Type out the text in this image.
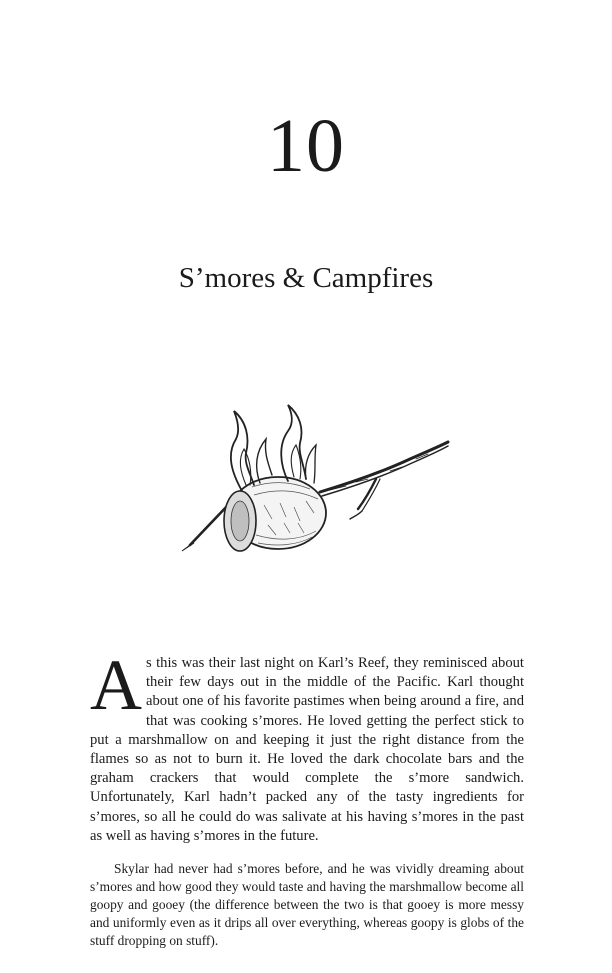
10
S’mores & Campfires

As this was their last night on Karl’s Reef, they reminisced about their few days out in the middle of the Pacific. Karl thought about one of his favorite pastimes when being around a fire, and that was cooking s’mores. He loved getting the perfect stick to put a marshmallow on and keeping it just the right distance from the flames so as not to burn it. He loved the dark chocolate bars and the graham crackers that would complete the s’more sandwich. Unfortunately, Karl hadn’t packed any of the tasty ingredients for s’mores, so all he could do was salivate at his having s’mores in the past as well as having s’mores in the future.

Skylar had never had s’mores before, and he was vividly dreaming about s’mores and how good they would taste and having the marshmallow become all goopy and gooey (the difference between the two is that gooey is more messy and uniformly even as it drips all over everything, whereas goopy is globs of the stuff dropping on stuff).
